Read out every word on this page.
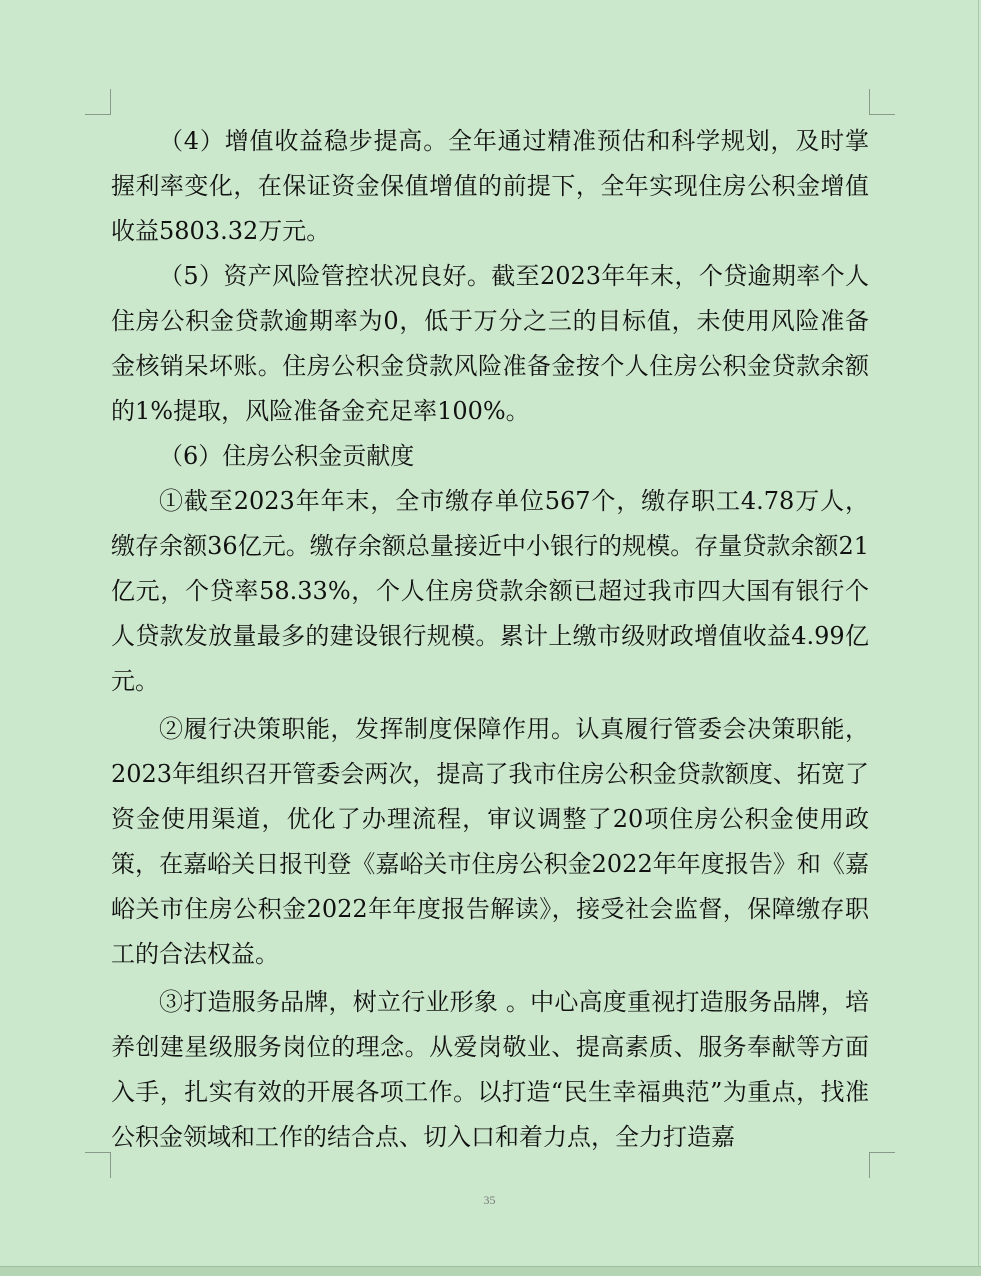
（4）增值收益稳步提高。全年通过精准预估和科学规划，及时掌握利率变化，在保证资金保值增值的前提下，全年实现住房公积金增值收益5803.32万元。

（5）资产风险管控状况良好。截至2023年年末，个贷逾期率个人住房公积金贷款逾期率为0，低于万分之三的目标值，未使用风险准备金核销呆坏账。住房公积金贷款风险准备金按个人住房公积金贷款余额的1%提取，风险准备金充足率100%。

（6）住房公积金贡献度

①截至2023年年末，全市缴存单位567个，缴存职工4.78万人，缴存余额36亿元。缴存余额总量接近中小银行的规模。存量贷款余额21亿元，个贷率58.33%，个人住房贷款余额已超过我市四大国有银行个人贷款发放量最多的建设银行规模。累计上缴市级财政增值收益4.99亿元。

②履行决策职能，发挥制度保障作用。认真履行管委会决策职能，2023年组织召开管委会两次，提高了我市住房公积金贷款额度、拓宽了资金使用渠道，优化了办理流程，审议调整了20项住房公积金使用政策，在嘉峪关日报刊登《嘉峪关市住房公积金2022年年度报告》和《嘉峪关市住房公积金2022年年度报告解读》，接受社会监督，保障缴存职工的合法权益。

③打造服务品牌，树立行业形象 。中心高度重视打造服务品牌，培养创建星级服务岗位的理念。从爱岗敬业、提高素质、服务奉献等方面入手，扎实有效的开展各项工作。以打造“民生幸福典范”为重点，找准公积金领域和工作的结合点、切入口和着力点，全力打造嘉

35
